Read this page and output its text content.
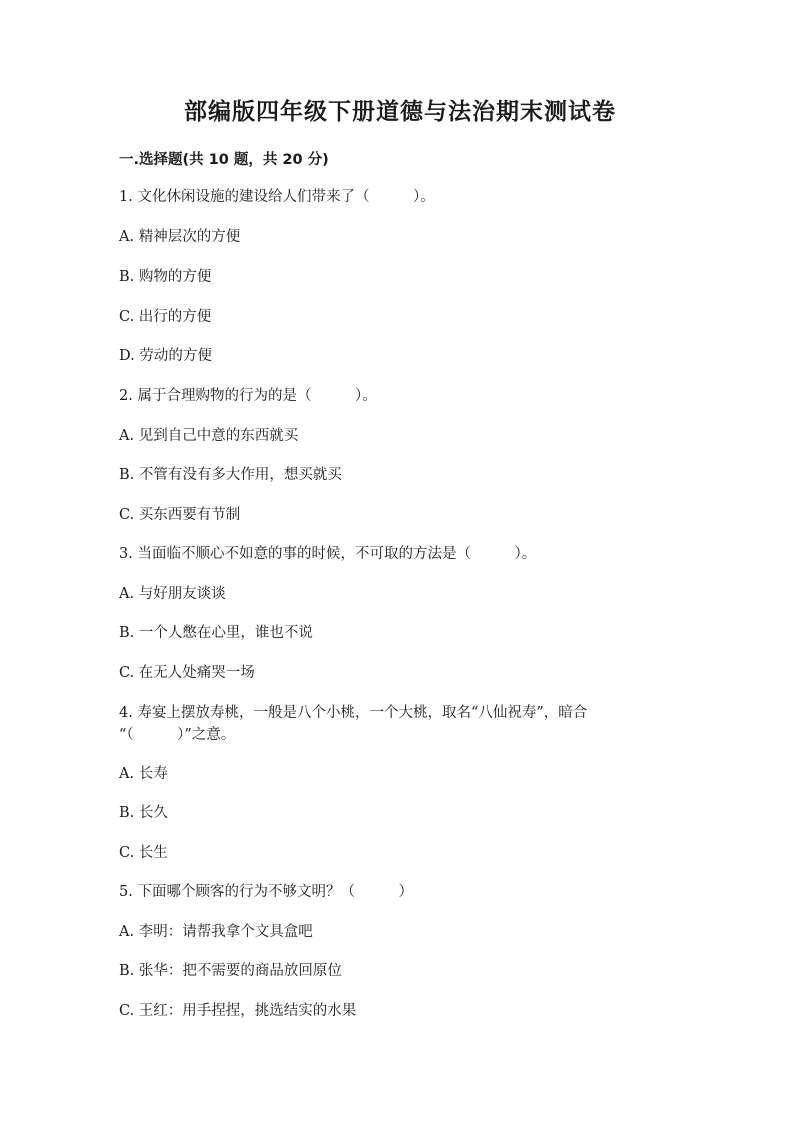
部编版四年级下册道德与法治期末测试卷
一.选择题(共 10 题，共 20 分)
1. 文化休闲设施的建设给人们带来了（　　　）。
A. 精神层次的方便
B. 购物的方便
C. 出行的方便
D. 劳动的方便
2. 属于合理购物的行为的是（　　　）。
A. 见到自己中意的东西就买
B. 不管有没有多大作用，想买就买
C. 买东西要有节制
3. 当面临不顺心不如意的事的时候，不可取的方法是（　　　）。
A. 与好朋友谈谈
B. 一个人憋在心里，谁也不说
C. 在无人处痛哭一场
4. 寿宴上摆放寿桃，一般是八个小桃，一个大桃，取名“八仙祝寿”，暗合
“（　　　）”之意。
A. 长寿
B. 长久
C. 长生
5. 下面哪个顾客的行为不够文明？（　　　）
A. 李明：请帮我拿个文具盒吧
B. 张华：把不需要的商品放回原位
C. 王红：用手捏捏，挑选结实的水果
